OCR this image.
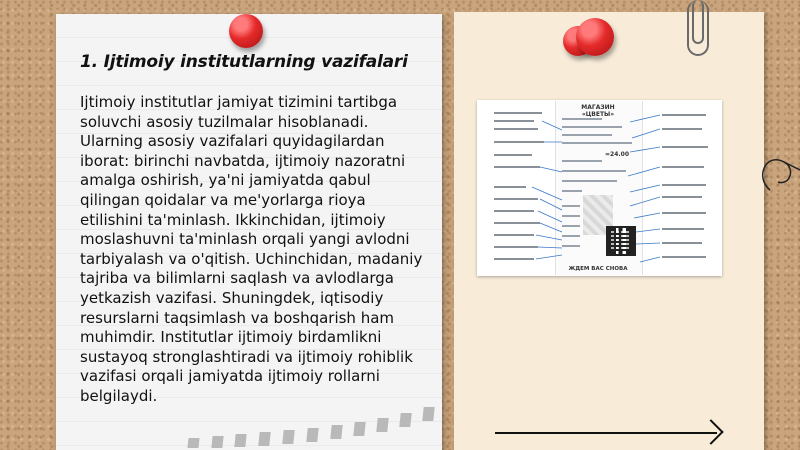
1. Ijtimoiy institutlarning vazifalari

Ijtimoiy institutlar jamiyat tizimini tartibga soluvchi asosiy tuzilmalar hisoblanadi. Ularning asosiy vazifalari quyidagilardan iborat: birinchi navbatda, ijtimoiy nazoratni amalga oshirish, ya'ni jamiyatda qabul qilingan qoidalar va me'yorlarga rioya etilishini ta'minlash. Ikkinchidan, ijtimoiy moslashuvni ta'minlash orqali yangi avlodni tarbiyalash va o'qitish. Uchinchidan, madaniy tajriba va bilimlarni saqlash va avlodlarga yetkazish vazifasi. Shuningdek, iqtisodiy resurslarni taqsimlash va boshqarish ham muhimdir. Institutlar ijtimoiy birdamlikni sustayoq stronglashtiradi va ijtimoiy rohiblik vazifasi orqali jamiyatda ijtimoiy rollarni belgilaydi.

МАГАЗИН
«ЦВЕТЫ»
=24.00
ЖДЕМ ВАС СНОВА
